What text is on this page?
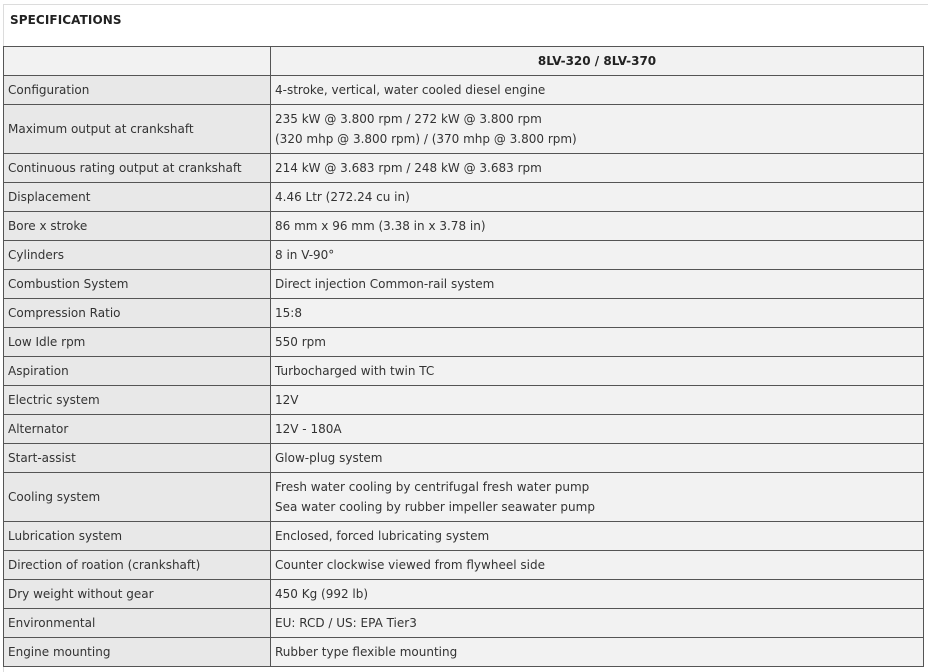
SPECIFICATIONS
	8LV-320 / 8LV-370
Configuration	4-stroke, vertical, water cooled diesel engine

Maximum output at crankshaft	235 kW @ 3.800 rpm / 272 kW @ 3.800 rpm
(320 mhp @ 3.800 rpm) / (370 mhp @ 3.800 rpm)

Continuous rating output at crankshaft	214 kW @ 3.683 rpm / 248 kW @ 3.683 rpm

Displacement	4.46 Ltr (272.24 cu in)

Bore x stroke	86 mm x 96 mm (3.38 in x 3.78 in)

Cylinders	8 in V-90°

Combustion System	Direct injection Common-rail system

Compression Ratio	15:8

Low Idle rpm	550 rpm

Aspiration	Turbocharged with twin TC

Electric system	12V

Alternator	12V - 180A

Start-assist	Glow-plug system

Cooling system	Fresh water cooling by centrifugal fresh water pump
Sea water cooling by rubber impeller seawater pump

Lubrication system	Enclosed, forced lubricating system

Direction of roation (crankshaft)	Counter clockwise viewed from flywheel side

Dry weight without gear	450 Kg (992 lb)

Environmental	EU: RCD / US: EPA Tier3

Engine mounting	Rubber type flexible mounting
